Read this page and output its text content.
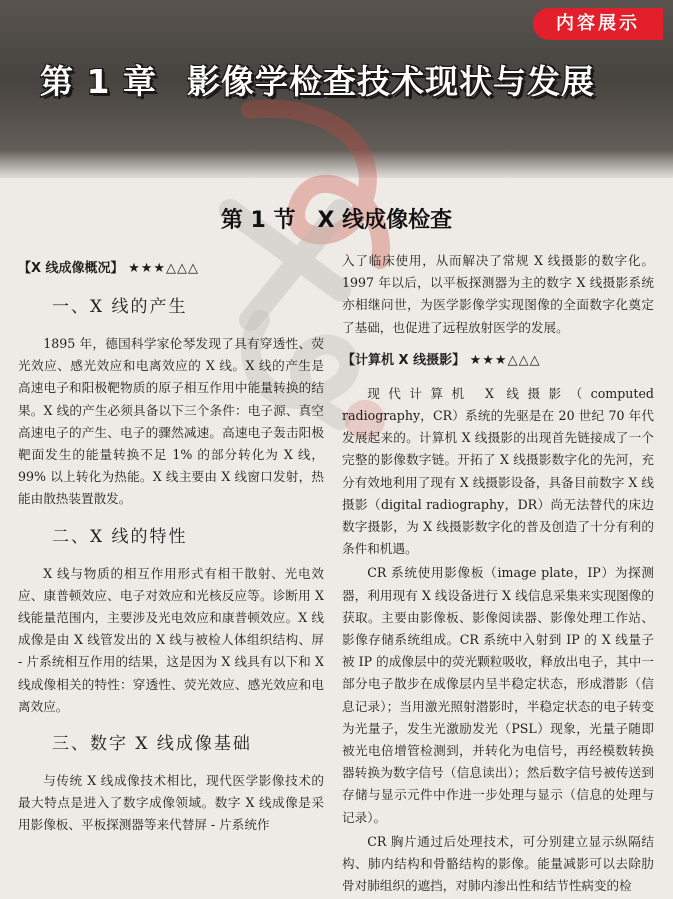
内容展示
第 1 章 影像学检查技术现状与发展
第 1 节 X 线成像检查
【X 线成像概况】 ★★★△△△
一、X 线的产生

1895 年，德国科学家伦琴发现了具有穿透性、荧光效应、感光效应和电离效应的 X 线。X 线的产生是高速电子和阳极靶物质的原子相互作用中能量转换的结果。X 线的产生必须具备以下三个条件：电子源、真空高速电子的产生、电子的骤然减速。高速电子轰击阳极靶面发生的能量转换不足 1% 的部分转化为 X 线，99% 以上转化为热能。X 线主要由 X 线窗口发射，热能由散热装置散发。

二、X 线的特性

X 线与物质的相互作用形式有相干散射、光电效应、康普顿效应、电子对效应和光核反应等。诊断用 X 线能量范围内，主要涉及光电效应和康普顿效应。X 线成像是由 X 线管发出的 X 线与被检人体组织结构、屏 - 片系统相互作用的结果，这是因为 X 线具有以下和 X 线成像相关的特性：穿透性、荧光效应、感光效应和电离效应。

三、数字 X 线成像基础

与传统 X 线成像技术相比，现代医学影像技术的最大特点是进入了数字成像领域。数字 X 线成像是采用影像板、平板探测器等来代替屏 - 片系统作

入了临床使用，从而解决了常规 X 线摄影的数字化。1997 年以后，以平板探测器为主的数字 X 线摄影系统亦相继问世，为医学影像学实现图像的全面数字化奠定了基础，也促进了远程放射医学的发展。

【计算机 X 线摄影】 ★★★△△△

现代计算机 X 线摄影（computed radiography，CR）系统的先驱是在 20 世纪 70 年代发展起来的。计算机 X 线摄影的出现首先链接成了一个完整的影像数字链。开拓了 X 线摄影数字化的先河，充分有效地利用了现有 X 线摄影设备，具备目前数字 X 线摄影（digital radiography，DR）尚无法替代的床边数字摄影，为 X 线摄影数字化的普及创造了十分有利的条件和机遇。

CR 系统使用影像板（image plate，IP）为探测器，利用现有 X 线设备进行 X 线信息采集来实现图像的获取。主要由影像板、影像阅读器、影像处理工作站、影像存储系统组成。CR 系统中入射到 IP 的 X 线量子被 IP 的成像层中的荧光颗粒吸收，释放出电子，其中一部分电子散步在成像层内呈半稳定状态，形成潜影（信息记录）；当用激光照射潜影时，半稳定状态的电子转变为光量子，发生光激励发光（PSL）现象，光量子随即被光电倍增管检测到，并转化为电信号，再经模数转换器转换为数字信号（信息读出）；然后数字信号被传送到存储与显示元件中作进一步处理与显示（信息的处理与记录）。

CR 胸片通过后处理技术，可分别建立显示纵隔结构、肺内结构和骨骼结构的影像。能量减影可以去除肋骨对肺组织的遮挡，对肺内渗出性和结节性病变的检
